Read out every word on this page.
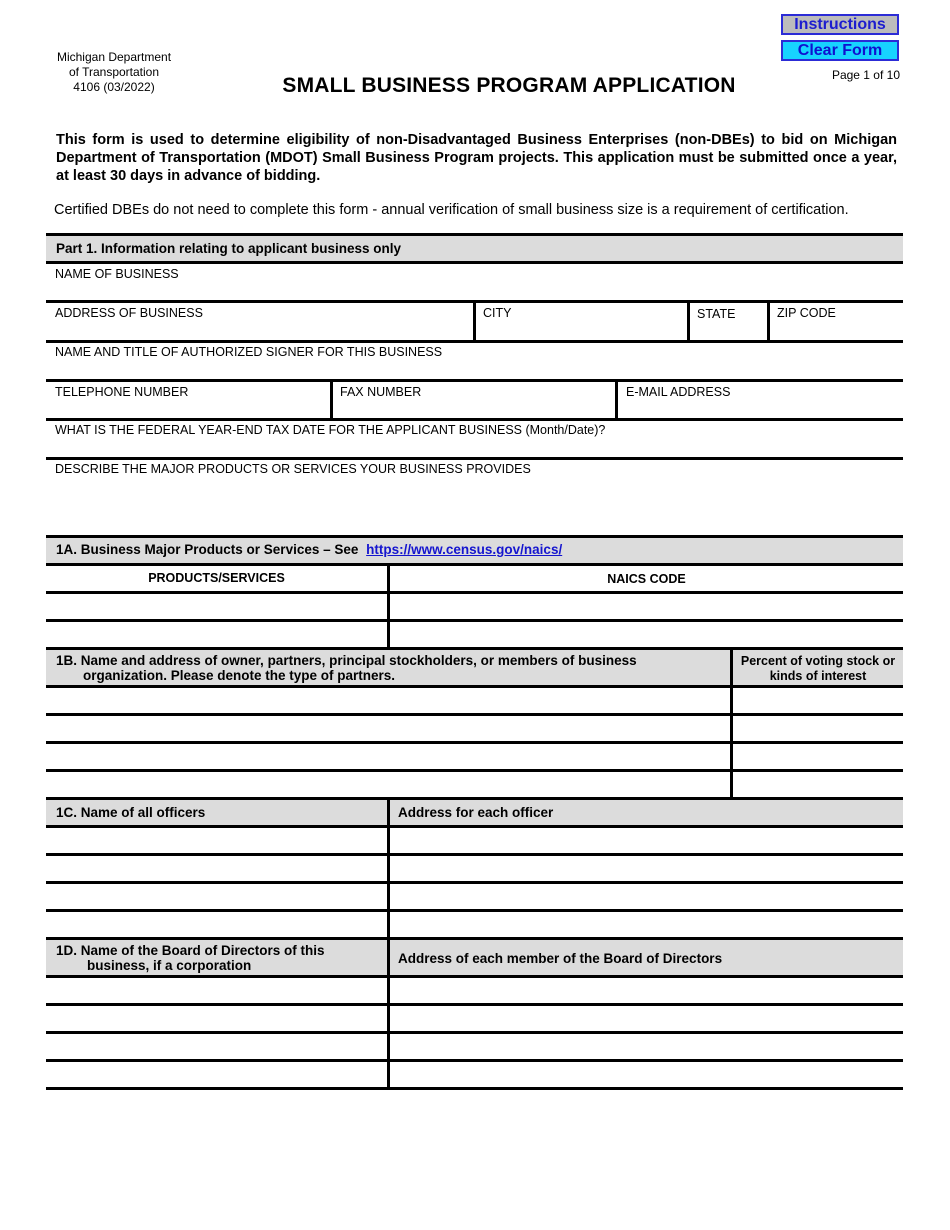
Michigan Department
of Transportation
4106 (03/2022)	SMALL BUSINESS PROGRAM APPLICATION
Instructions
Clear Form
Page 1 of 10
This form is used to determine eligibility of non-Disadvantaged Business Enterprises (non-DBEs) to bid on Michigan Department of Transportation (MDOT) Small Business Program projects. This application must be submitted once a year, at least 30 days in advance of bidding.
Certified DBEs do not need to complete this form - annual verification of small business size is a requirement of certification.
Part 1. Information relating to applicant business only
NAME OF BUSINESS
ADDRESS OF BUSINESS	CITY	STATE	ZIP CODE
NAME AND TITLE OF AUTHORIZED SIGNER FOR THIS BUSINESS
TELEPHONE NUMBER	FAX NUMBER	E-MAIL ADDRESS
WHAT IS THE FEDERAL YEAR-END TAX DATE FOR THE APPLICANT BUSINESS (Month/Date)?
DESCRIBE THE MAJOR PRODUCTS OR SERVICES YOUR BUSINESS PROVIDES
1A. Business Major Products or Services – See https://www.census.gov/naics/
PRODUCTS/SERVICES	NAICS CODE
1B. Name and address of owner, partners, principal stockholders, or members of business
organization. Please denote the type of partners.
Percent of voting stock or
kinds of interest
1C. Name of all officers	Address for each officer
1D. Name of the Board of Directors of this
business, if a corporation	Address of each member of the Board of Directors
